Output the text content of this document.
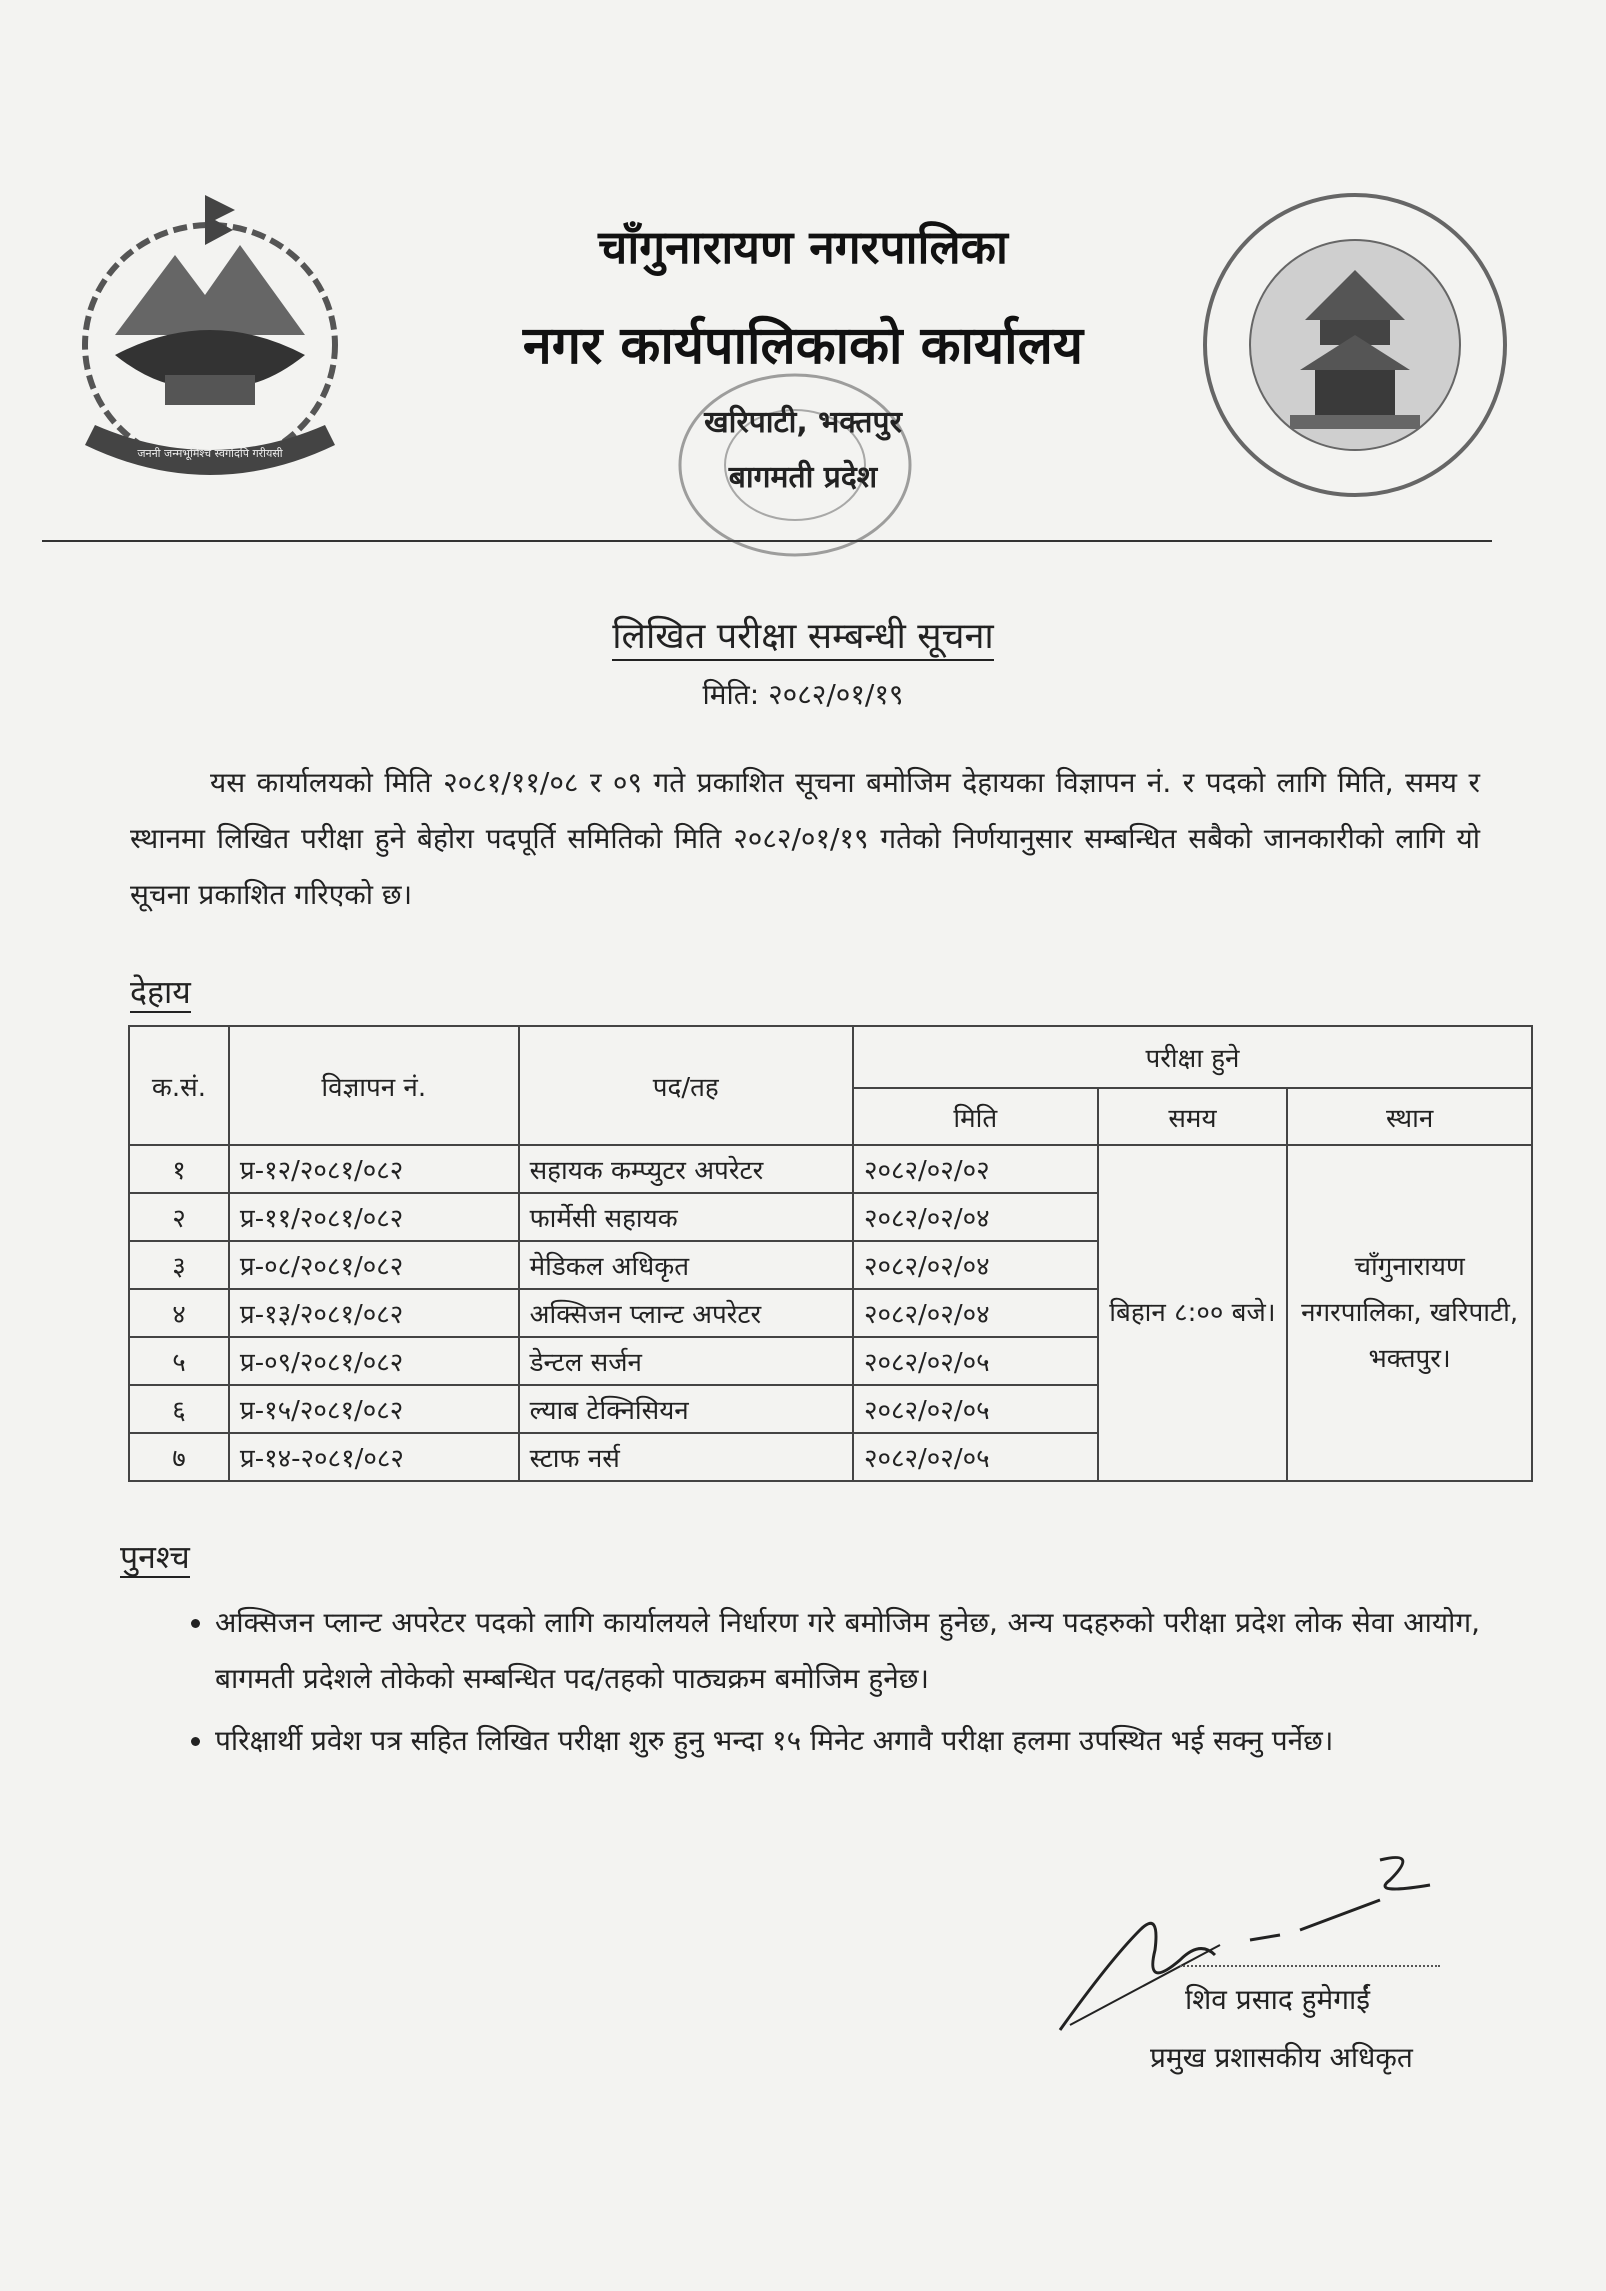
जननी जन्मभूमिश्च स्वर्गादपि गरीयसी
चाँगुनारायण नगरपालिका
नगर कार्यपालिकाको कार्यालय
खरिपाटी, भक्तपुर
बागमती प्रदेश
लिखित परीक्षा सम्बन्धी सूचना
मिति: २०८२/०१/१९
यस कार्यालयको मिति २०८१/११/०८ र ०९ गते प्रकाशित सूचना बमोजिम देहायका विज्ञापन नं. र पदको लागि मिति, समय र स्थानमा लिखित परीक्षा हुने बेहोरा पदपूर्ति समितिको मिति २०८२/०१/१९ गतेको निर्णयानुसार सम्बन्धित सबैको जानकारीको लागि यो सूचना प्रकाशित गरिएको छ।
देहाय
क.सं.	विज्ञापन नं.	पद/तह	परीक्षा हुने		
			मिति	समय	स्थान
१	प्र-१२/२०८१/०८२	सहायक कम्प्युटर अपरेटर	२०८२/०२/०२	बिहान ८:०० बजे।	चाँगुनारायण नगरपालिका, खरिपाटी, भक्तपुर।
२	प्र-११/२०८१/०८२	फार्मेसी सहायक	२०८२/०२/०४		
३	प्र-०८/२०८१/०८२	मेडिकल अधिकृत	२०८२/०२/०४		
४	प्र-१३/२०८१/०८२	अक्सिजन प्लान्ट अपरेटर	२०८२/०२/०४		
५	प्र-०९/२०८१/०८२	डेन्टल सर्जन	२०८२/०२/०५		
६	प्र-१५/२०८१/०८२	ल्याब टेक्निसियन	२०८२/०२/०५		
७	प्र-१४-२०८१/०८२	स्टाफ नर्स	२०८२/०२/०५		
पुनश्च
• अक्सिजन प्लान्ट अपरेटर पदको लागि कार्यालयले निर्धारण गरे बमोजिम हुनेछ, अन्य पदहरुको परीक्षा प्रदेश लोक सेवा आयोग, बागमती प्रदेशले तोकेको सम्बन्धित पद/तहको पाठ्यक्रम बमोजिम हुनेछ।
• परिक्षार्थी प्रवेश पत्र सहित लिखित परीक्षा शुरु हुनु भन्दा १५ मिनेट अगावै परीक्षा हलमा उपस्थित भई सक्नु पर्नेछ।
शिव प्रसाद हुमेगाईं
प्रमुख प्रशासकीय अधिकृत
